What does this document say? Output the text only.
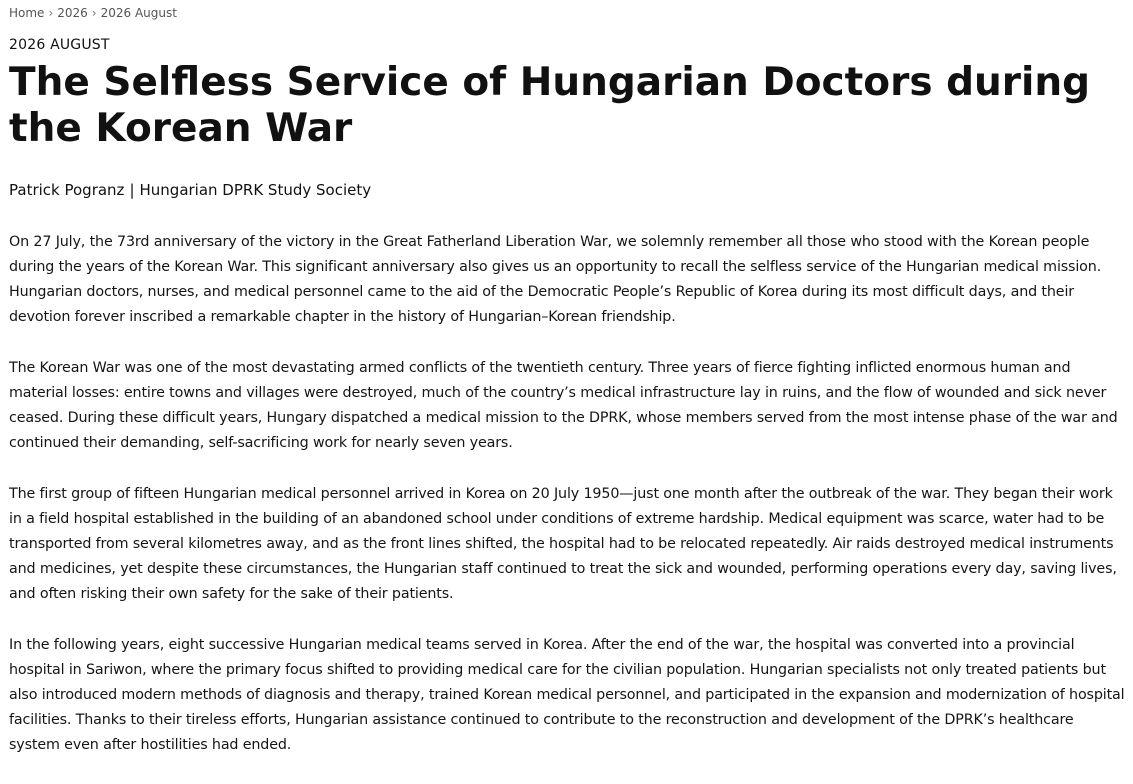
Home › 2026 › 2026 August
2026 AUGUST
The Selfless Service of Hungarian Doctors during the Korean War
Patrick Pogranz | Hungarian DPRK Study Society

On 27 July, the 73rd anniversary of the victory in the Great Fatherland Liberation War, we solemnly remember all those who stood with the Korean people during the years of the Korean War. This significant anniversary also gives us an opportunity to recall the selfless service of the Hungarian medical mission. Hungarian doctors, nurses, and medical personnel came to the aid of the Democratic People’s Republic of Korea during its most difficult days, and their devotion forever inscribed a remarkable chapter in the history of Hungarian–Korean friendship.

The Korean War was one of the most devastating armed conflicts of the twentieth century. Three years of fierce fighting inflicted enormous human and material losses: entire towns and villages were destroyed, much of the country’s medical infrastructure lay in ruins, and the flow of wounded and sick never ceased. During these difficult years, Hungary dispatched a medical mission to the DPRK, whose members served from the most intense phase of the war and continued their demanding, self-sacrificing work for nearly seven years.

The first group of fifteen Hungarian medical personnel arrived in Korea on 20 July 1950—just one month after the outbreak of the war. They began their work in a field hospital established in the building of an abandoned school under conditions of extreme hardship. Medical equipment was scarce, water had to be transported from several kilometres away, and as the front lines shifted, the hospital had to be relocated repeatedly. Air raids destroyed medical instruments and medicines, yet despite these circumstances, the Hungarian staff continued to treat the sick and wounded, performing operations every day, saving lives, and often risking their own safety for the sake of their patients.

In the following years, eight successive Hungarian medical teams served in Korea. After the end of the war, the hospital was converted into a provincial hospital in Sariwon, where the primary focus shifted to providing medical care for the civilian population. Hungarian specialists not only treated patients but also introduced modern methods of diagnosis and therapy, trained Korean medical personnel, and participated in the expansion and modernization of hospital facilities. Thanks to their tireless efforts, Hungarian assistance continued to contribute to the reconstruction and development of the DPRK’s healthcare system even after hostilities had ended.
